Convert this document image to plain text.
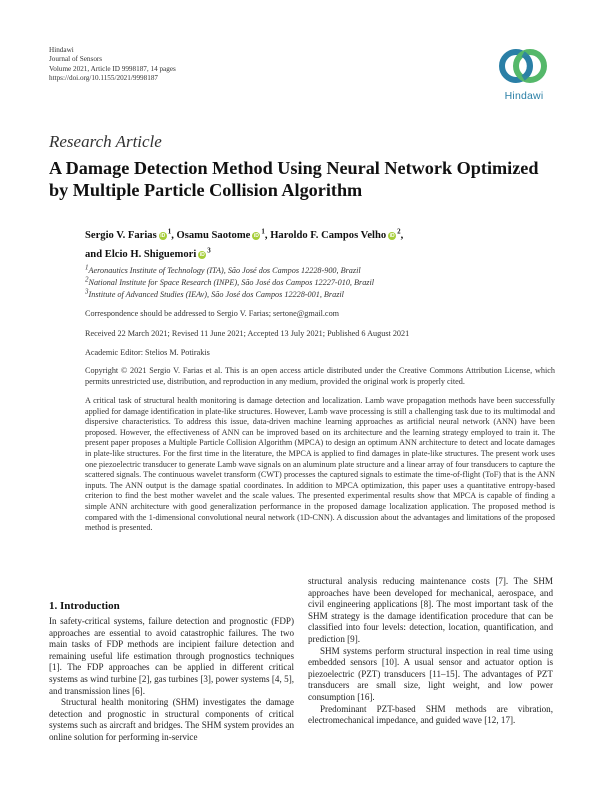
Hindawi
Journal of Sensors
Volume 2021, Article ID 9998187, 14 pages
https://doi.org/10.1155/2021/9998187
Hindawi
Research Article
A Damage Detection Method Using Neural Network Optimized by Multiple Particle Collision Algorithm
Sergio V. Farias $iD^1$, Osamu Saotome $iD^1$, Haroldo F. Campos Velho $iD^2$,
and Elcio H. Shiguemori $iD^3$
$^1$Aeronautics Institute of Technology (ITA), São José dos Campos 12228-900, Brazil
$^2$National Institute for Space Research (INPE), São José dos Campos 12227-010, Brazil
$^3$Institute of Advanced Studies (IEAv), São José dos Campos 12228-001, Brazil
Correspondence should be addressed to Sergio V. Farias; sertone@gmail.com
Received 22 March 2021; Revised 11 June 2021; Accepted 13 July 2021; Published 6 August 2021
Academic Editor: Stelios M. Potirakis
Copyright © 2021 Sergio V. Farias et al. This is an open access article distributed under the Creative Commons Attribution License, which permits unrestricted use, distribution, and reproduction in any medium, provided the original work is properly cited.
A critical task of structural health monitoring is damage detection and localization. Lamb wave propagation methods have been successfully applied for damage identification in plate-like structures. However, Lamb wave processing is still a challenging task due to its multimodal and dispersive characteristics. To address this issue, data-driven machine learning approaches as artificial neural network (ANN) have been proposed. However, the effectiveness of ANN can be improved based on its architecture and the learning strategy employed to train it. The present paper proposes a Multiple Particle Collision Algorithm (MPCA) to design an optimum ANN architecture to detect and locate damages in plate-like structures. For the first time in the literature, the MPCA is applied to find damages in plate-like structures. The present work uses one piezoelectric transducer to generate Lamb wave signals on an aluminum plate structure and a linear array of four transducers to capture the scattered signals. The continuous wavelet transform (CWT) processes the captured signals to estimate the time-of-flight (ToF) that is the ANN inputs. The ANN output is the damage spatial coordinates. In addition to MPCA optimization, this paper uses a quantitative entropy-based criterion to find the best mother wavelet and the scale values. The presented experimental results show that MPCA is capable of finding a simple ANN architecture with good generalization performance in the proposed damage localization application. The proposed method is compared with the 1-dimensional convolutional neural network (1D-CNN). A discussion about the advantages and limitations of the proposed method is presented.
1. Introduction

In safety-critical systems, failure detection and prognostic (FDP) approaches are essential to avoid catastrophic failures. The two main tasks of FDP methods are incipient failure detection and remaining useful life estimation through prognostics techniques [1]. The FDP approaches can be applied in different critical systems as wind turbine [2], gas turbines [3], power systems [4, 5], and transmission lines [6].

Structural health monitoring (SHM) investigates the damage detection and prognostic in structural components of critical systems such as aircraft and bridges. The SHM system provides an online solution for performing in-service

structural analysis reducing maintenance costs [7]. The SHM approaches have been developed for mechanical, aerospace, and civil engineering applications [8]. The most important task of the SHM strategy is the damage identification procedure that can be classified into four levels: detection, location, quantification, and prediction [9].

SHM systems perform structural inspection in real time using embedded sensors [10]. A usual sensor and actuator option is piezoelectric (PZT) transducers [11–15]. The advantages of PZT transducers are small size, light weight, and low power consumption [16].

Predominant PZT-based SHM methods are vibration, electromechanical impedance, and guided wave [12, 17].
